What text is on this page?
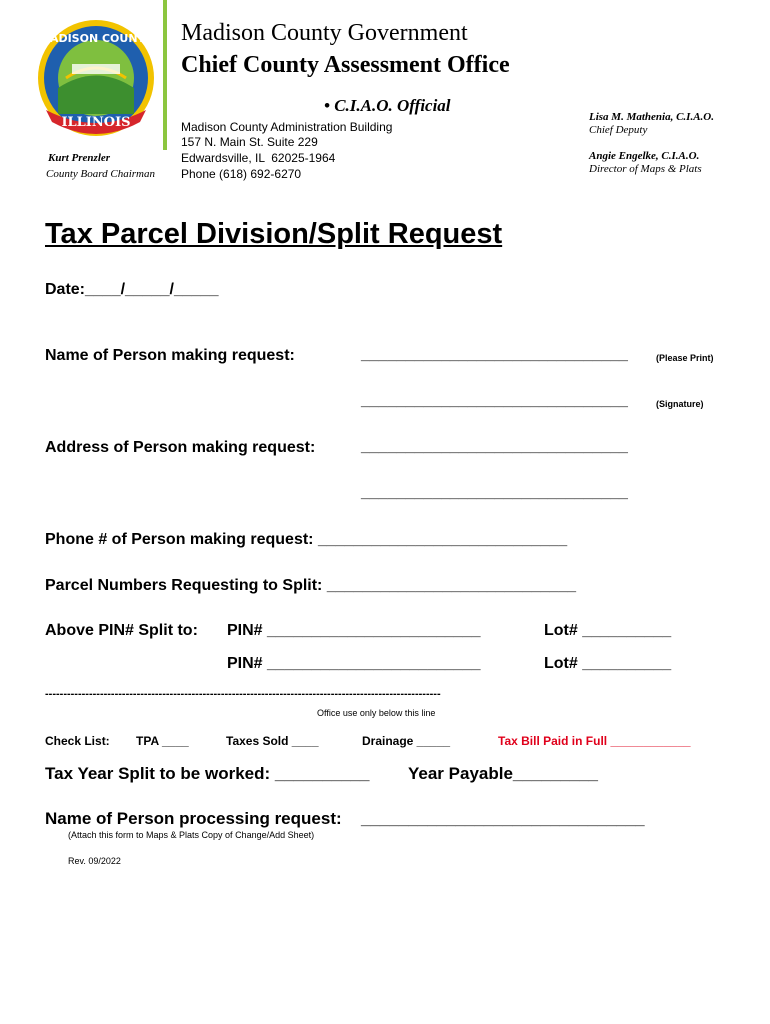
MADISON COUNTY
ILLINOIS
Madison County Government
Chief County Assessment Office
• C.I.A.O. Official
Madison County Administration Building
157 N. Main St. Suite 229
Edwardsville, IL  62025-1964
Phone (618) 692-6270
Kurt Prenzler
County Board Chairman
Lisa M. Mathenia, C.I.A.O.
Chief Deputy
Angie Engelke, C.I.A.O.
Director of Maps & Plats
Tax Parcel Division/Split Request
Date:____/_____/_____
Name of Person making request:	______________________________	(Please Print)
______________________________	(Signature)
Address of Person making request:	______________________________
______________________________
Phone # of Person making request: ____________________________
Parcel Numbers Requesting to Split: ____________________________
Above PIN# Split to: PIN# ________________________	Lot# __________
PIN# ________________________	Lot# __________
------------------------------------------------------------------------------------------------------------
Office use only below this line
Check List: TPA ____	Taxes Sold ____	Drainage _____	Tax Bill Paid in Full ____________
Tax Year Split to be worked: __________ Year Payable_________
Name of Person processing request: ______________________________
(Attach this form to Maps & Plats Copy of Change/Add Sheet)
Rev. 09/2022
